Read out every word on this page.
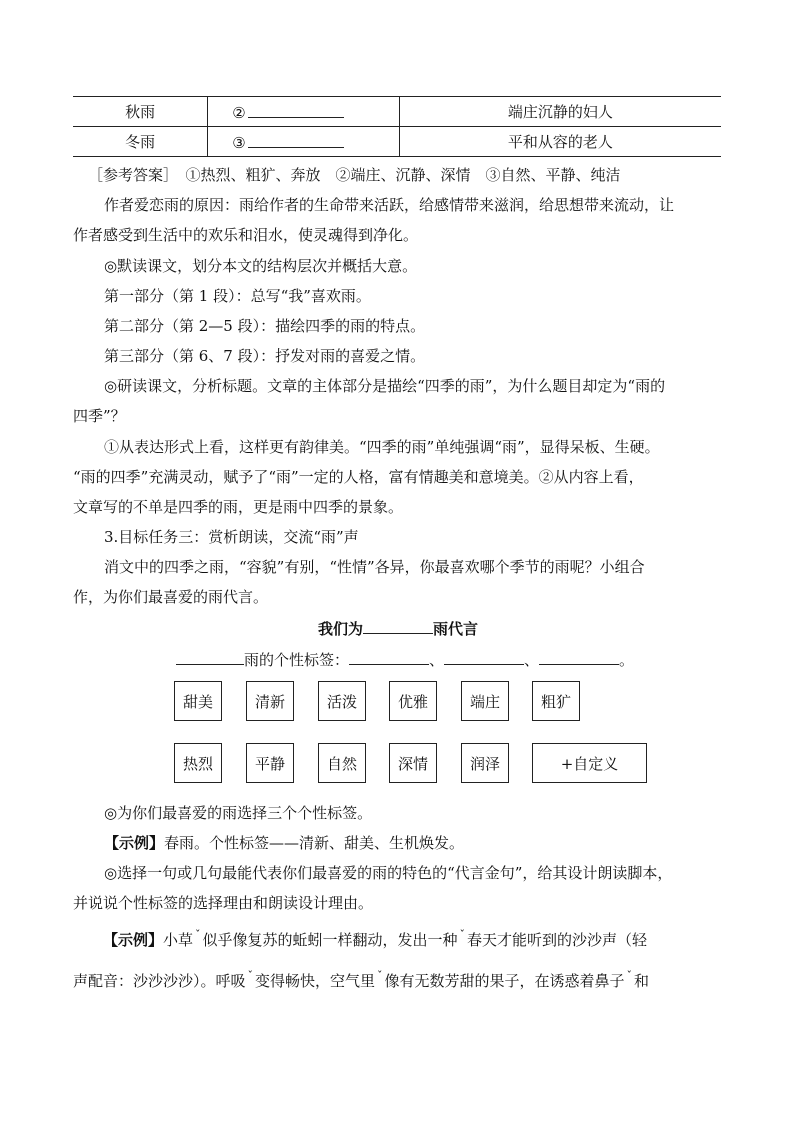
秋雨	②	端庄沉静的妇人
冬雨	③	平和从容的老人
［参考答案］　①热烈、粗犷、奔放　②端庄、沉静、深情　③自然、平静、纯洁
作者爱恋雨的原因：雨给作者的生命带来活跃，给感情带来滋润，给思想带来流动，让
作者感受到生活中的欢乐和泪水，使灵魂得到净化。
◎默读课文，划分本文的结构层次并概括大意。
第一部分（第 1 段）：总写“我”喜欢雨。
第二部分（第 2—5 段）：描绘四季的雨的特点。
第三部分（第 6、7 段）：抒发对雨的喜爱之情。
◎研读课文，分析标题。文章的主体部分是描绘“四季的雨”，为什么题目却定为“雨的
四季”？
①从表达形式上看，这样更有韵律美。“四季的雨”单纯强调“雨”，显得呆板、生硬。
“雨的四季”充满灵动，赋予了“雨”一定的人格，富有情趣美和意境美。②从内容上看，
文章写的不单是四季的雨，更是雨中四季的景象。
3.目标任务三：赏析朗读，交流“雨”声
消文中的四季之雨，“容貌”有别，“性情”各异，你最喜欢哪个季节的雨呢？小组合
作，为你们最喜爱的雨代言。
我们为	雨代言
雨的个性标签：	、	、	。
甜美	清新	活泼	优雅	端庄	粗犷
热烈	平静	自然	深情	润泽	+自定义
◎为你们最喜爱的雨选择三个个性标签。
【示例】春雨。个性标签——清新、甜美、生机焕发。
◎选择一句或几句最能代表你们最喜爱的雨的特色的“代言金句”，给其设计朗读脚本，
并说说个性标签的选择理由和朗读设计理由。
【示例】小草 $^ˇ$ 似乎像复苏的蚯蚓一样翻动，发出一种 $^ˇ$ 春天才能听到的沙沙声（轻
声配音：沙沙沙沙）。呼吸 $^ˇ$ 变得畅快，空气里 $^ˇ$ 像有无数芳甜的果子，在诱惑着鼻子 $^ˇ$ 和
